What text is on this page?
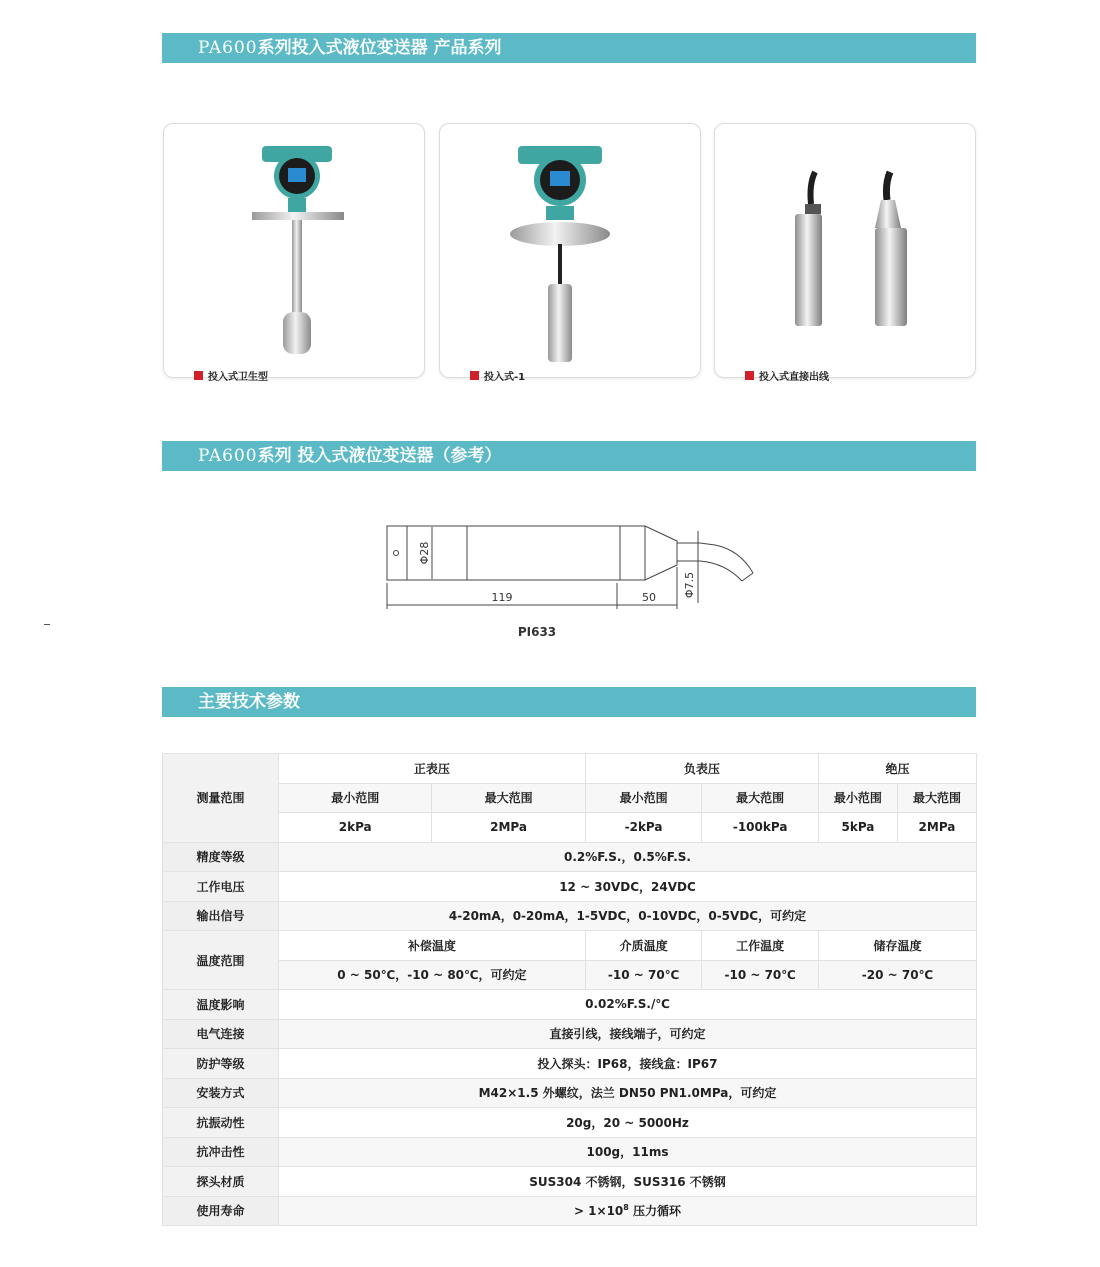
PA600系列投入式液位变送器 产品系列
投入式卫生型	投入式-1	投入式直接出线
PA600系列 投入式液位变送器（参考）
Φ28
119	50 Φ7.5
PI633
主要技术参数
测量范围	正表压		负表压		绝压	
	最小范围	最大范围	最小范围	最大范围	最小范围	最大范围
	2kPa	2MPa	-2kPa	-100kPa	5kPa	2MPa
精度等级	0.2%F.S.，0.5%F.S.					
工作电压	12 ~ 30VDC，24VDC					
输出信号	4-20mA，0-20mA，1-5VDC，0-10VDC，0-5VDC，可约定					
温度范围	补偿温度		介质温度	工作温度	储存温度	
	0 ~ 50℃，-10 ~ 80℃，可约定		-10 ~ 70℃	-10 ~ 70℃	-20 ~ 70℃	
温度影响	0.02%F.S./℃					
电气连接	直接引线，接线端子，可约定					
防护等级	投入探头：IP68，接线盒：IP67					
安装方式	M42×1.5 外螺纹，法兰 DN50 PN1.0MPa，可约定					
抗振动性	20g，20 ~ 5000Hz					
抗冲击性	100g，11ms					
探头材质	SUS304 不锈钢，SUS316 不锈钢					
使用寿命	> $1\times 10^8$ 压力循环					
